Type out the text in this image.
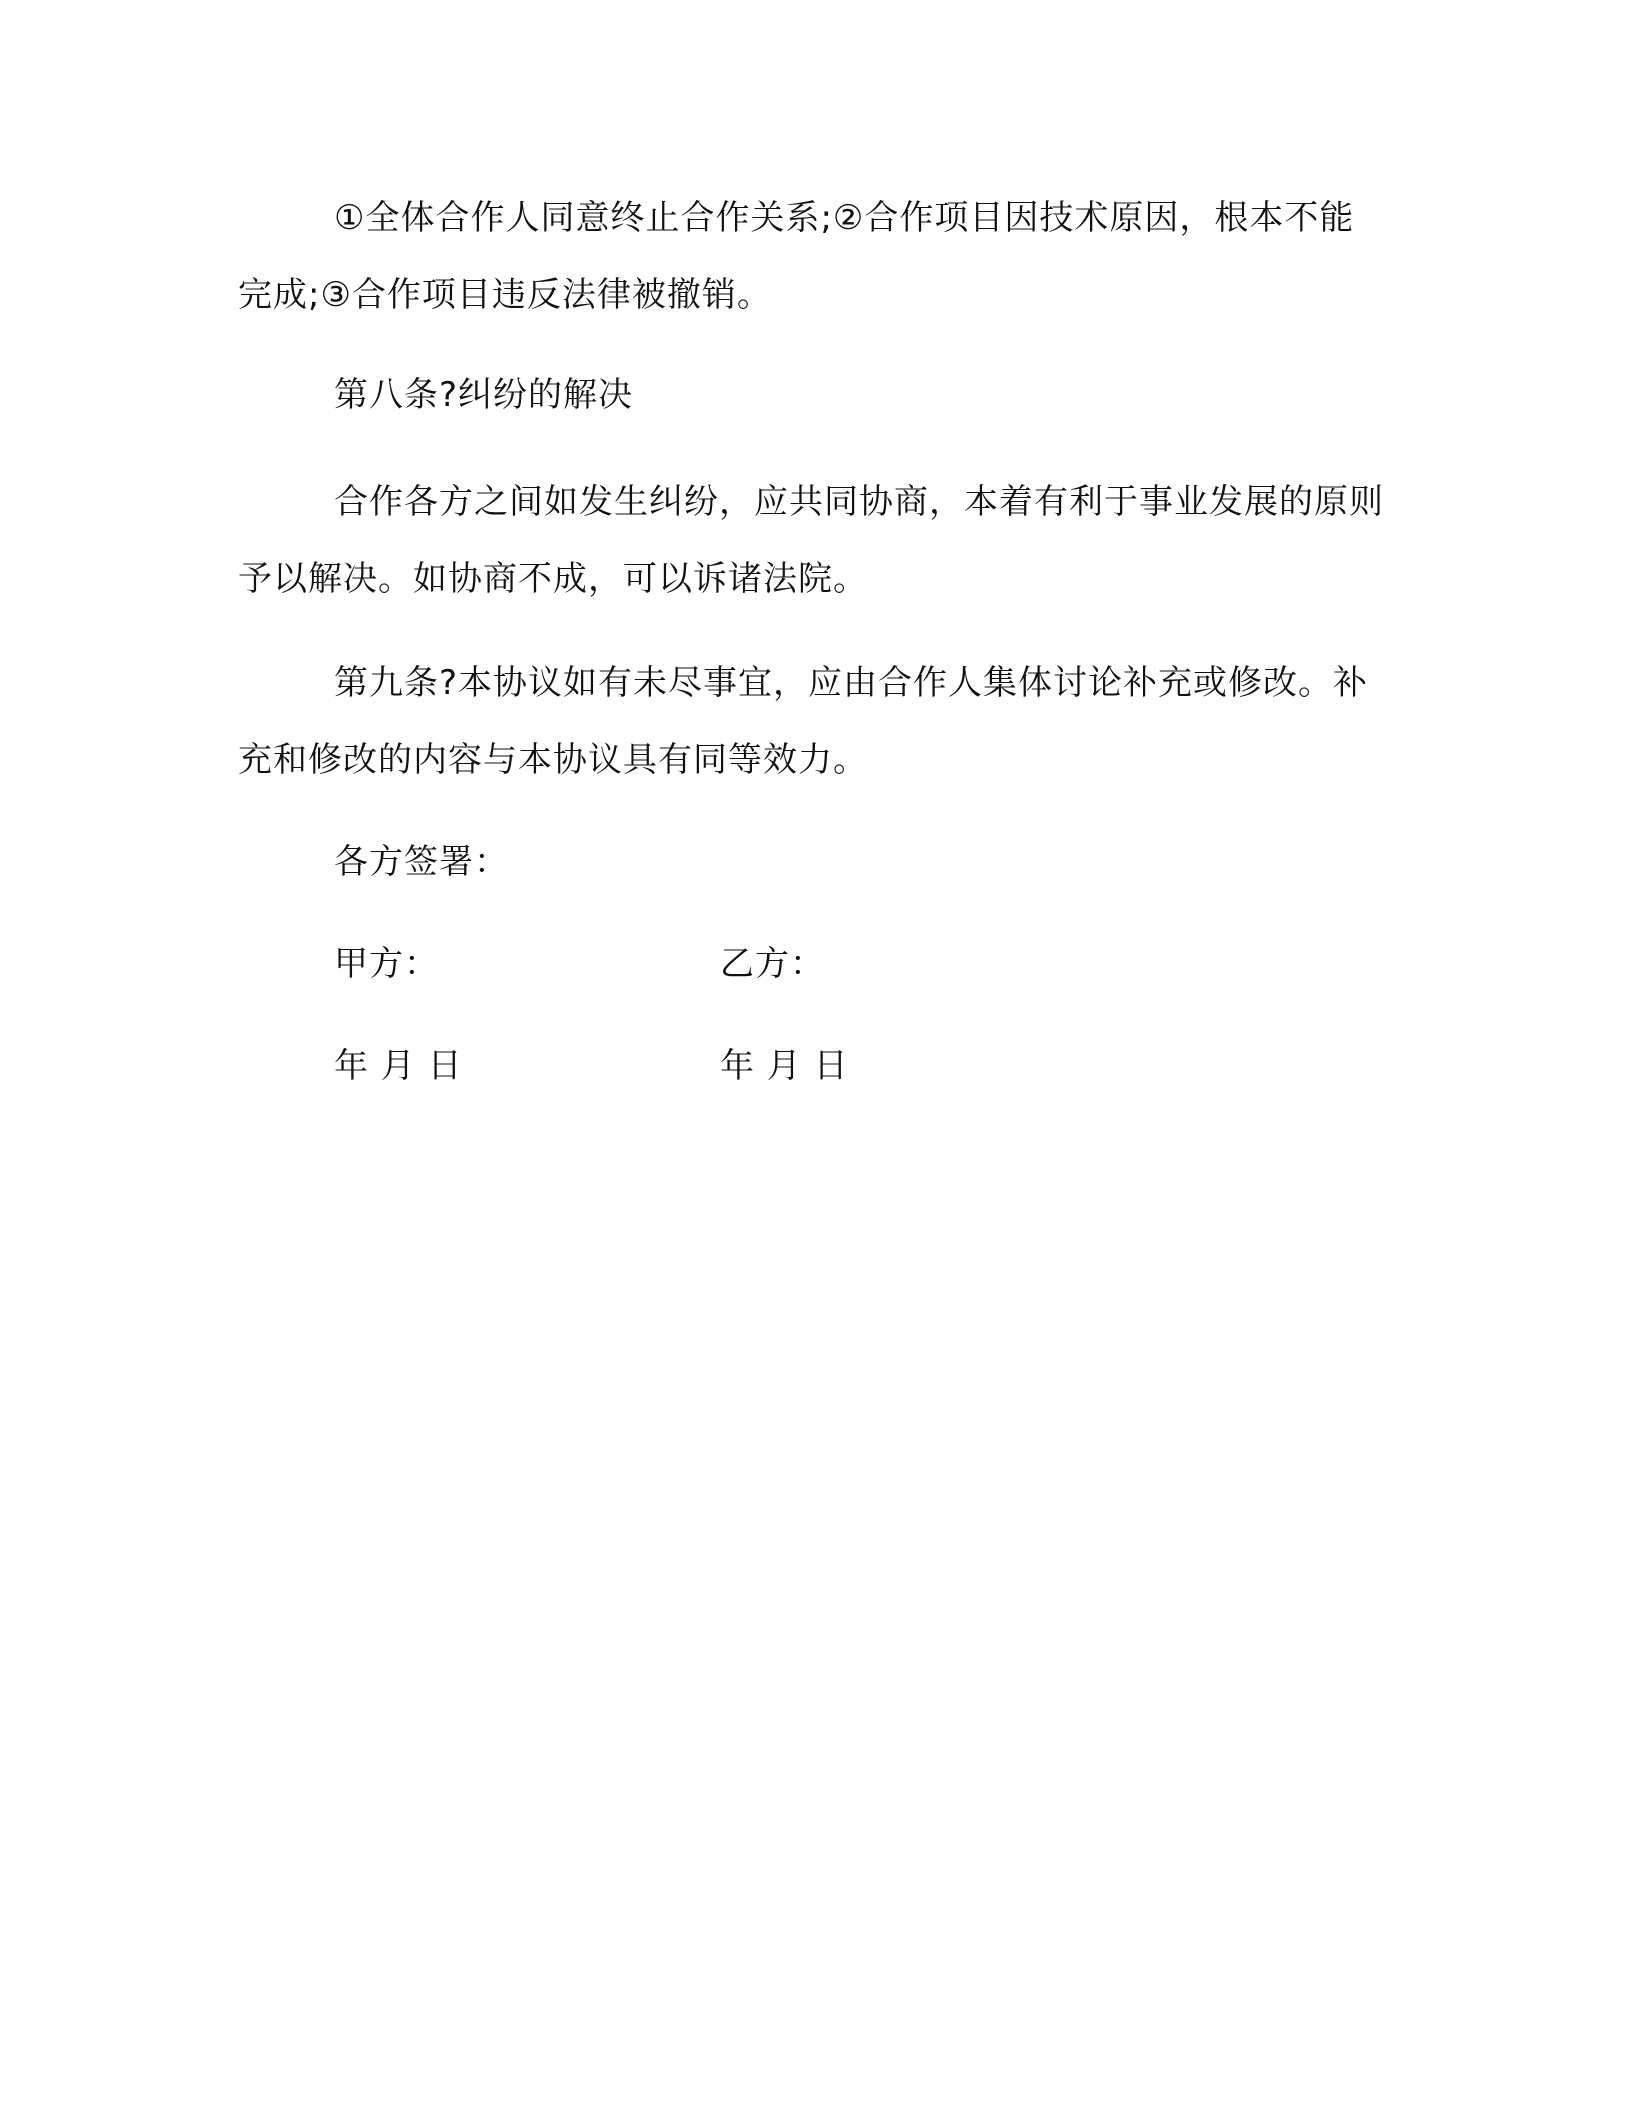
①全体合作人同意终止合作关系;②合作项目因技术原因，根本不能完成;③合作项目违反法律被撤销。

第八条?纠纷的解决

合作各方之间如发生纠纷，应共同协商，本着有利于事业发展的原则予以解决。如协商不成，可以诉诸法院。

第九条?本协议如有未尽事宜，应由合作人集体讨论补充或修改。补充和修改的内容与本协议具有同等效力。

各方签署：
甲方：	乙方：
年 月 日	年 月 日
